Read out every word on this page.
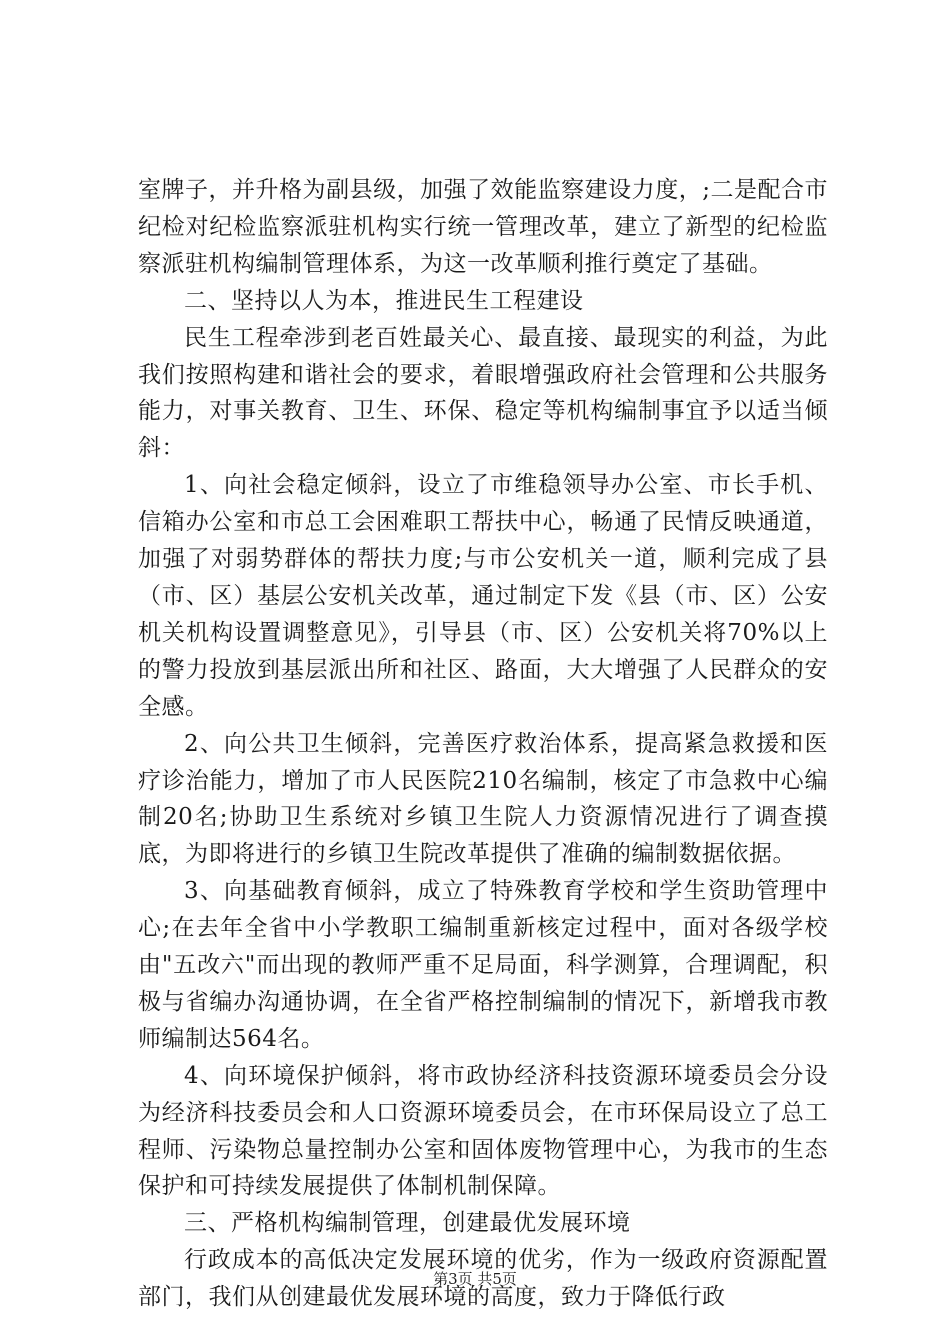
室牌子，并升格为副县级，加强了效能监察建设力度，;二是配合市纪检对纪检监察派驻机构实行统一管理改革，建立了新型的纪检监察派驻机构编制管理体系，为这一改革顺利推行奠定了基础。

二、坚持以人为本，推进民生工程建设

民生工程牵涉到老百姓最关心、最直接、最现实的利益，为此我们按照构建和谐社会的要求，着眼增强政府社会管理和公共服务能力，对事关教育、卫生、环保、稳定等机构编制事宜予以适当倾斜：

1、向社会稳定倾斜，设立了市维稳领导办公室、市长手机、信箱办公室和市总工会困难职工帮扶中心，畅通了民情反映通道，加强了对弱势群体的帮扶力度;与市公安机关一道，顺利完成了县（市、区）基层公安机关改革，通过制定下发《县（市、区）公安机关机构设置调整意见》，引导县（市、区）公安机关将70%以上的警力投放到基层派出所和社区、路面，大大增强了人民群众的安全感。

2、向公共卫生倾斜，完善医疗救治体系，提高紧急救援和医疗诊治能力，增加了市人民医院210名编制，核定了市急救中心编制20名;协助卫生系统对乡镇卫生院人力资源情况进行了调查摸底，为即将进行的乡镇卫生院改革提供了准确的编制数据依据。

3、向基础教育倾斜，成立了特殊教育学校和学生资助管理中心;在去年全省中小学教职工编制重新核定过程中，面对各级学校由"五改六"而出现的教师严重不足局面，科学测算，合理调配，积极与省编办沟通协调，在全省严格控制编制的情况下，新增我市教师编制达564名。

4、向环境保护倾斜，将市政协经济科技资源环境委员会分设为经济科技委员会和人口资源环境委员会，在市环保局设立了总工程师、污染物总量控制办公室和固体废物管理中心，为我市的生态保护和可持续发展提供了体制机制保障。

三、严格机构编制管理，创建最优发展环境

行政成本的高低决定发展环境的优劣，作为一级政府资源配置部门，我们从创建最优发展环境的高度，致力于降低行政

第3页 共5页
